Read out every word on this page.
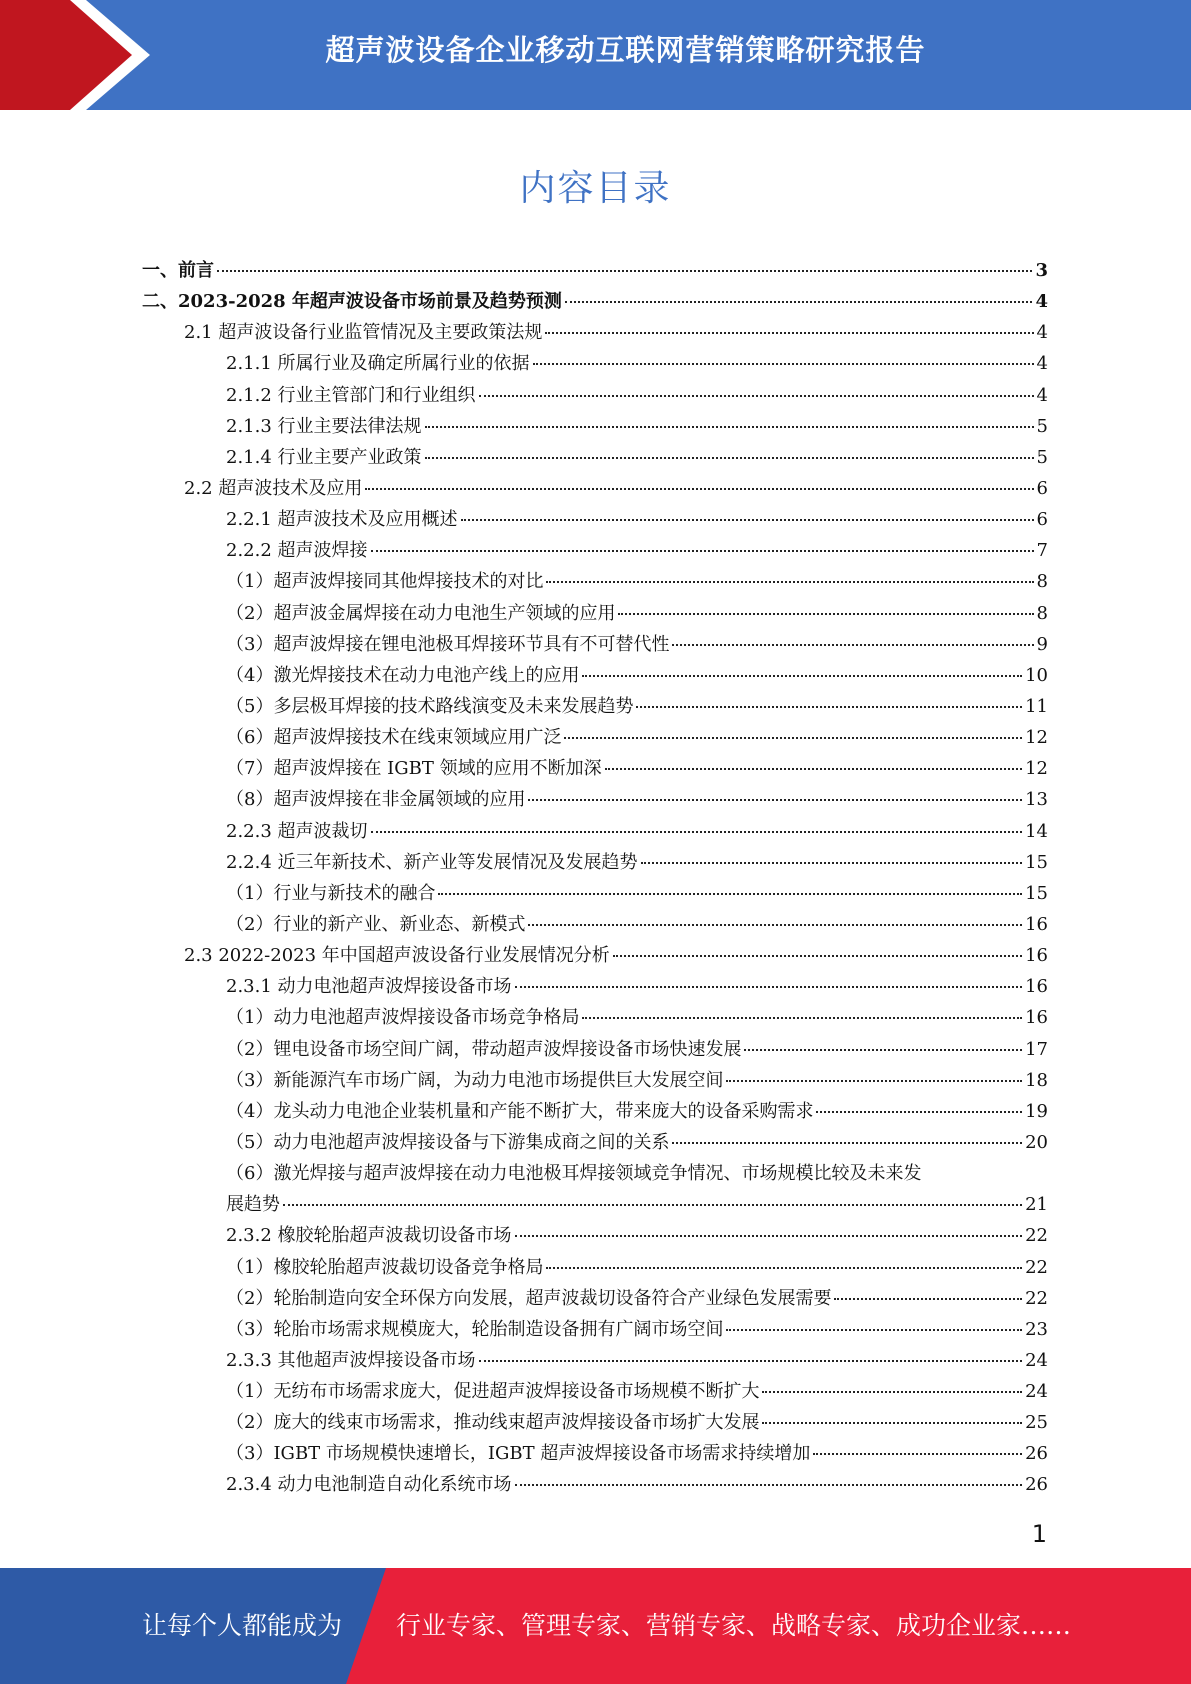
超声波设备企业移动互联网营销策略研究报告
内容目录
一、前言	3
二、2023-2028 年超声波设备市场前景及趋势预测	4
2.1 超声波设备行业监管情况及主要政策法规	4
2.1.1 所属行业及确定所属行业的依据	4
2.1.2 行业主管部门和行业组织	4
2.1.3 行业主要法律法规	5
2.1.4 行业主要产业政策	5
2.2 超声波技术及应用	6
2.2.1 超声波技术及应用概述	6
2.2.2 超声波焊接	7
（1）超声波焊接同其他焊接技术的对比	8
（2）超声波金属焊接在动力电池生产领域的应用	8
（3）超声波焊接在锂电池极耳焊接环节具有不可替代性	9
（4）激光焊接技术在动力电池产线上的应用	10
（5）多层极耳焊接的技术路线演变及未来发展趋势	11
（6）超声波焊接技术在线束领域应用广泛	12
（7）超声波焊接在 IGBT 领域的应用不断加深	12
（8）超声波焊接在非金属领域的应用	13
2.2.3 超声波裁切	14
2.2.4 近三年新技术、新产业等发展情况及发展趋势	15
（1）行业与新技术的融合	15
（2）行业的新产业、新业态、新模式	16
2.3 2022-2023 年中国超声波设备行业发展情况分析	16
2.3.1 动力电池超声波焊接设备市场	16
（1）动力电池超声波焊接设备市场竞争格局	16
（2）锂电设备市场空间广阔，带动超声波焊接设备市场快速发展	17
（3）新能源汽车市场广阔，为动力电池市场提供巨大发展空间	18
（4）龙头动力电池企业装机量和产能不断扩大，带来庞大的设备采购需求	19
（5）动力电池超声波焊接设备与下游集成商之间的关系	20
（6）激光焊接与超声波焊接在动力电池极耳焊接领域竞争情况、市场规模比较及未来发
展趋势	21
2.3.2 橡胶轮胎超声波裁切设备市场	22
（1）橡胶轮胎超声波裁切设备竞争格局	22
（2）轮胎制造向安全环保方向发展，超声波裁切设备符合产业绿色发展需要	22
（3）轮胎市场需求规模庞大，轮胎制造设备拥有广阔市场空间	23
2.3.3 其他超声波焊接设备市场	24
（1）无纺布市场需求庞大，促进超声波焊接设备市场规模不断扩大	24
（2）庞大的线束市场需求，推动线束超声波焊接设备市场扩大发展	25
（3）IGBT 市场规模快速增长，IGBT 超声波焊接设备市场需求持续增加	26
2.3.4 动力电池制造自动化系统市场	26
1
让每个人都能成为 行业专家、管理专家、营销专家、战略专家、成功企业家……
